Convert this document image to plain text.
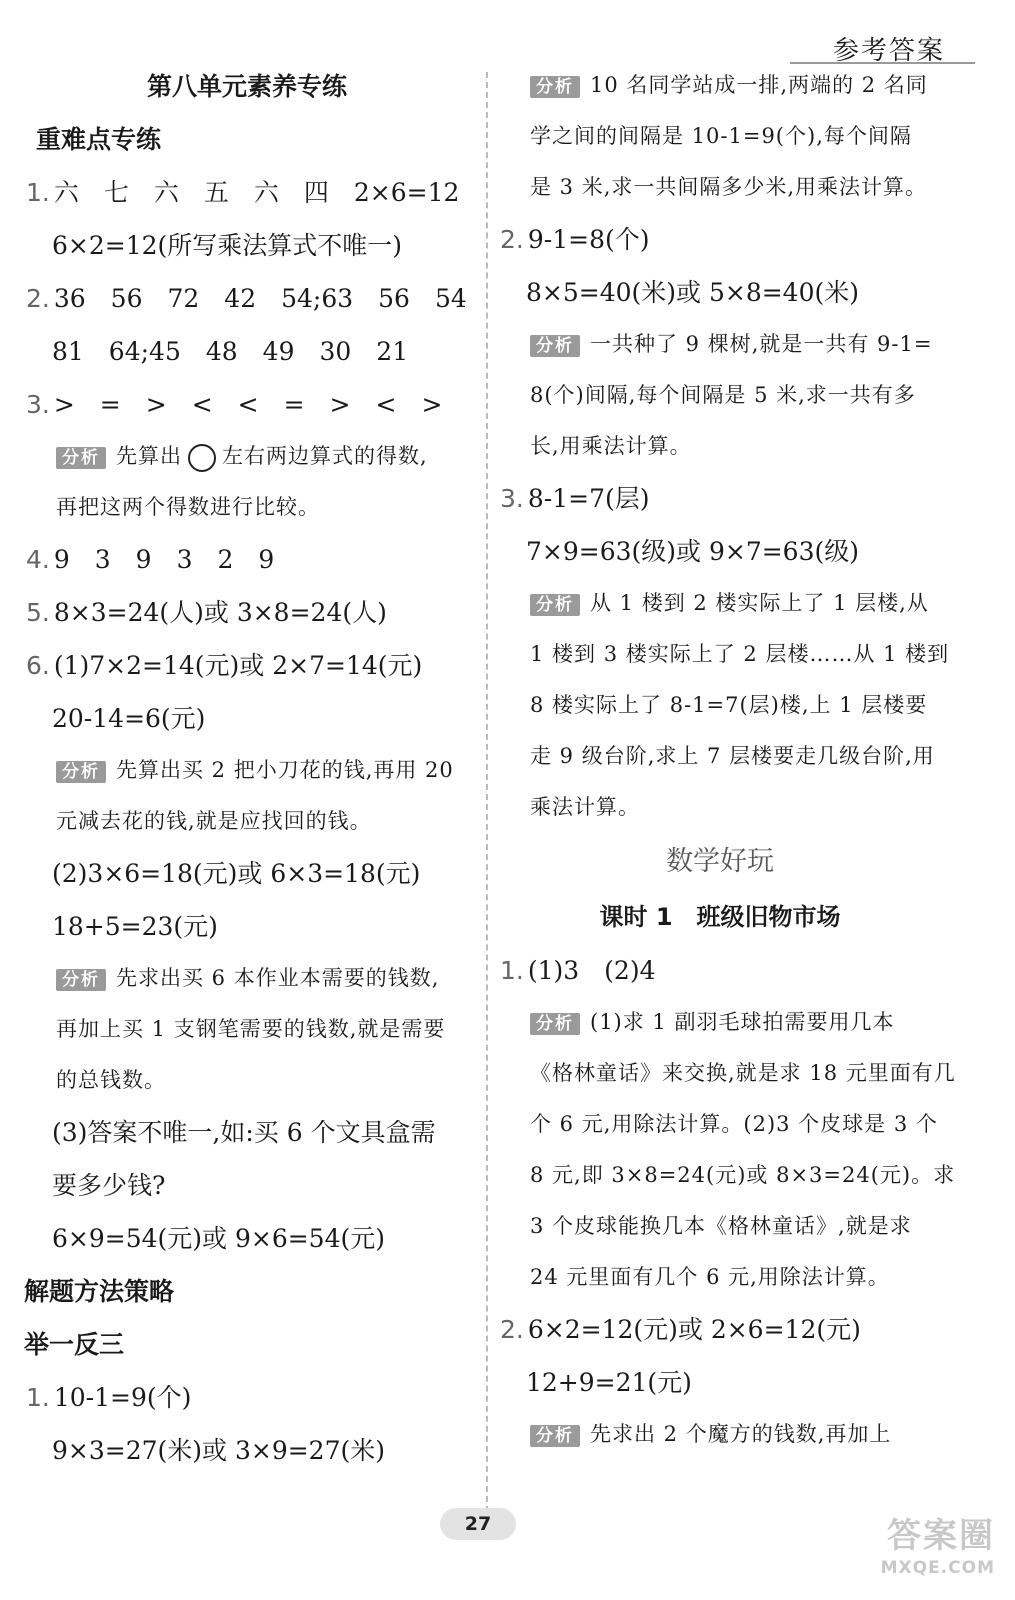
参考答案
第八单元素养专练
重难点专练
1. 六　七　六　五　六　四　2×6=12
6×2=12(所写乘法算式不唯一)
2. 36　56　72　42　54;63　56　54
81　64;45　48　49　30　21
3. >　=　>　<　<　=　>　<　>
分析 先算出 左右两边算式的得数,
再把这两个得数进行比较。
4. 9　3　9　3　2　9
5. 8×3=24(人)或 3×8=24(人)
6. (1)7×2=14(元)或 2×7=14(元)
20-14=6(元)
分析 先算出买 2 把小刀花的钱,再用 20
元减去花的钱,就是应找回的钱。
(2)3×6=18(元)或 6×3=18(元)
18+5=23(元)
分析 先求出买 6 本作业本需要的钱数,
再加上买 1 支钢笔需要的钱数,就是需要
的总钱数。
(3)答案不唯一,如:买 6 个文具盒需
要多少钱?
6×9=54(元)或 9×6=54(元)
解题方法策略
举一反三
1. 10-1=9(个)
9×3=27(米)或 3×9=27(米)
分析 10 名同学站成一排,两端的 2 名同
学之间的间隔是 10-1=9(个),每个间隔
是 3 米,求一共间隔多少米,用乘法计算。
2. 9-1=8(个)
8×5=40(米)或 5×8=40(米)
分析 一共种了 9 棵树,就是一共有 9-1=
8(个)间隔,每个间隔是 5 米,求一共有多
长,用乘法计算。
3. 8-1=7(层)
7×9=63(级)或 9×7=63(级)
分析 从 1 楼到 2 楼实际上了 1 层楼,从
1 楼到 3 楼实际上了 2 层楼……从 1 楼到
8 楼实际上了 8-1=7(层)楼,上 1 层楼要
走 9 级台阶,求上 7 层楼要走几级台阶,用
乘法计算。
数学好玩
课时 1　班级旧物市场
1. (1)3　(2)4
分析 (1)求 1 副羽毛球拍需要用几本
《格林童话》来交换,就是求 18 元里面有几
个 6 元,用除法计算。(2)3 个皮球是 3 个
8 元,即 3×8=24(元)或 8×3=24(元)。求
3 个皮球能换几本《格林童话》,就是求
24 元里面有几个 6 元,用除法计算。
2. 6×2=12(元)或 2×6=12(元)
12+9=21(元)
分析 先求出 2 个魔方的钱数,再加上
27	答案圈
MXQE.COM
